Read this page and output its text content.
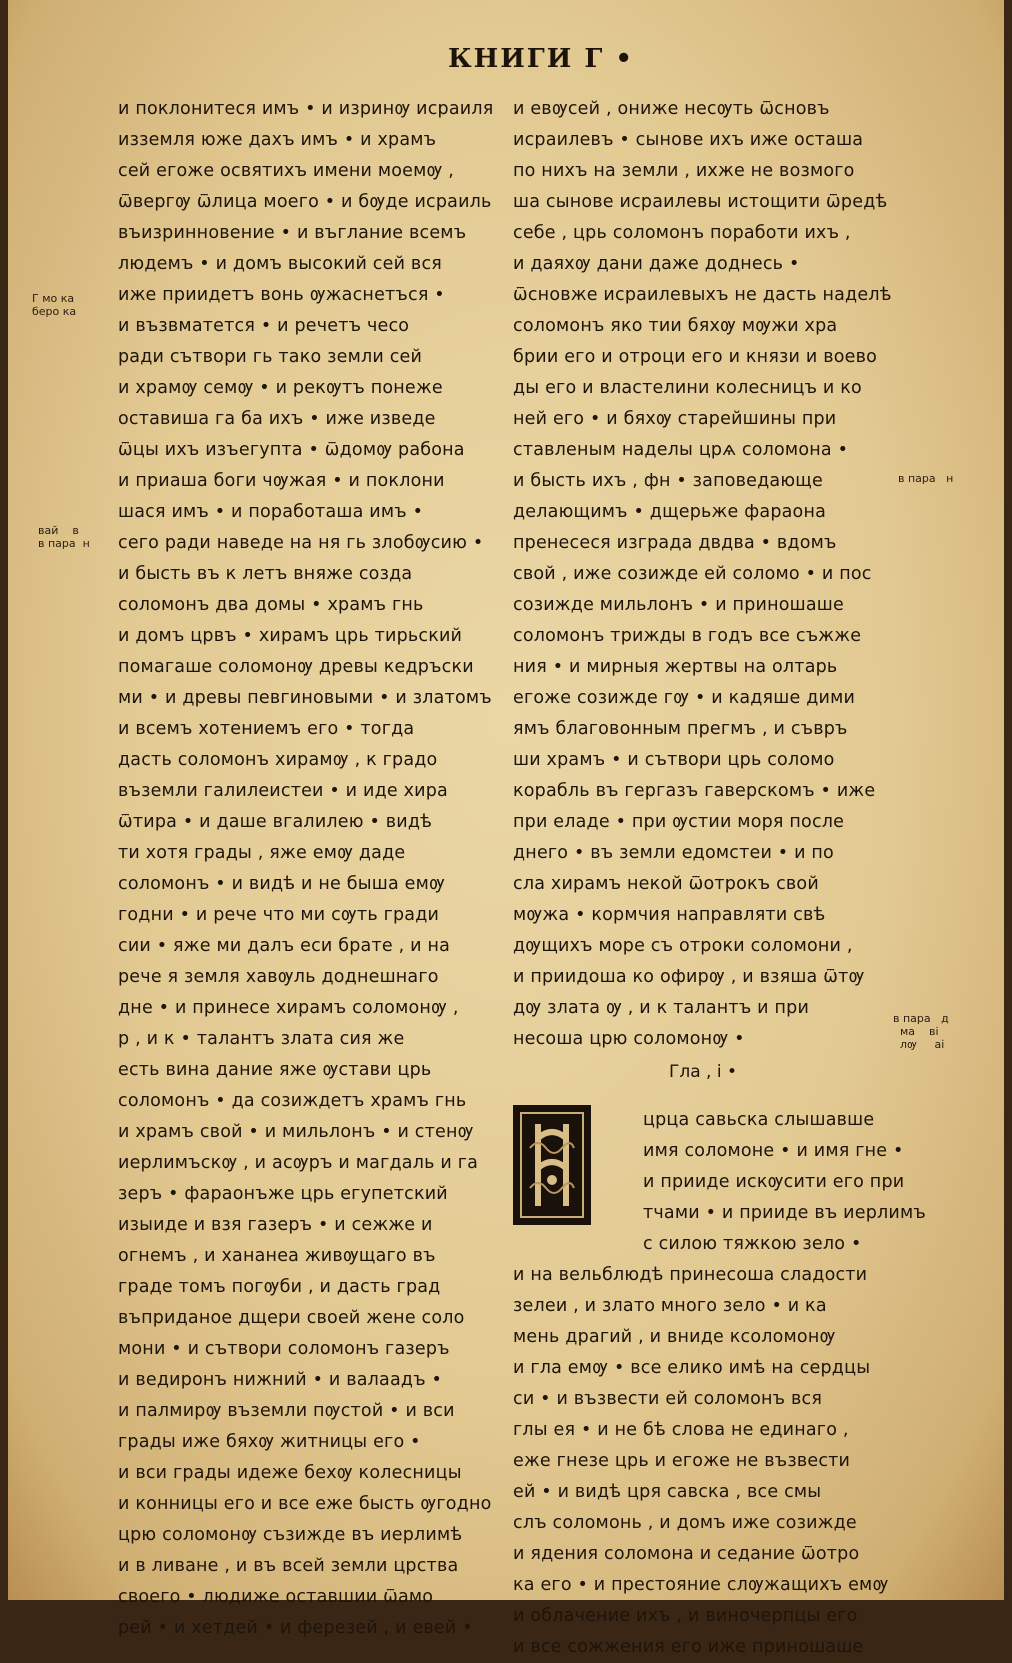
КНИГИ Г •
Г мо ка
беро ка
вай    в
в пара  н
в пара   н
в пара   д
ма    ві
лѹ     аі
и поклонитеся имъ • и изринѹ исраиля
изземля юже дахъ имъ • и храмъ
сей егоже освятихъ имени моемѹ ,
ѿвергѹ ѿлица моего • и бѹде исраиль
въизринновение • и въглание всемъ
людемъ • и домъ высокий сей вся
иже приидетъ вонь ѹжаснетъся •
и възвматется • и речетъ чесо
ради сътвори гь тако земли сей
и храмѹ семѹ • и рекѹтъ понеже
оставиша га ба ихъ • иже изведе
ѿцы ихъ изъегупта • ѿдомѹ рабона
и приаша боги чѹжая • и поклони
шася имъ • и поработаша имъ •
сего ради наведе на ня гь злобѹсию •
и бысть въ к летъ вняже созда
соломонъ два домы • храмъ гнь
и домъ црвъ • хирамъ црь тирьский
помагаше соломонѹ древы кедръски
ми • и древы певгиновыми • и златомъ
и всемъ хотениемъ его • тогда
дасть соломонъ хирамѹ , к градо
въземли галилеистеи • и иде хира
ѿтира • и даше вгалилею • видѣ
ти хотя грады , яже емѹ даде
соломонъ • и видѣ и не быша емѹ
годни • и рече что ми сѹть гради
сии • яже ми далъ еси брате , и на
рече я земля хавѹль доднешнаго
дне • и принесе хирамъ соломонѹ ,
р , и к • талантъ злата сия же
есть вина дание яже ѹстави црь
соломонъ • да созиждетъ храмъ гнь
и храмъ свой • и мильлонъ • и стенѹ
иерлимъскѹ , и асѹръ и магдаль и га
зеръ • фараонъже црь егупетский
изыиде и взя газеръ • и сежже и
огнемъ , и хананеа живѹщаго въ
граде томъ погѹби , и дасть град
въприданое дщери своей жене соло
мони • и сътвори соломонъ газеръ
и ведиронъ нижний • и валаадъ •
и палмирѹ въземли пѹстой • и вси
грады иже бяхѹ житницы его •
и вси грады идеже бехѹ колесницы
и конницы его и все еже бысть ѹгодно
црю соломонѹ съзижде въ иерлимѣ
и в ливане , и въ всей земли црства
своего • людиже оставшии ѿамо
рей • и хетдей • и ферезей , и евей •
и евѹсей , ониже несѹть ѿсновъ
исраилевъ • сынове ихъ иже осташа
по нихъ на земли , ихже не возмого
ша сынове исраилевы истощити ѿредѣ
себе , црь соломонъ поработи ихъ ,
и даяхѹ дани даже доднесь •
ѿсновже исраилевыхъ не дасть наделѣ
соломонъ яко тии бяхѹ мѹжи хра
брии его и отроци его и князи и воево
ды его и властелини колесницъ и ко
ней его • и бяхѹ старейшины при
ставленым наделы црѧ соломона •
и бысть ихъ , фн • заповедающе
делающимъ • дщерьже фараона
пренесеся изграда двдва • вдомъ
свой , иже созижде ей соломо • и пос
созижде мильлонъ • и приношаше
соломонъ трижды в годъ все съжже
ния • и мирныя жертвы на олтарь
егоже созижде гѹ • и кадяше дими
ямъ благовонным прегмъ , и съвръ
ши храмъ • и сътвори црь соломо
корабль въ гергазъ гаверскомъ • иже
при еладе • при ѹстии моря после
днего • въ земли едомстеи • и по
сла хирамъ некой ѿотрокъ свой
мѹжа • кормчия направляти свѣ
дѹщихъ море съ отроки соломони ,
и приидоша ко офирѹ , и взяша ѿтѹ
дѹ злата ѹ , и к талантъ и при
несоша црю соломонѹ •
Гла , і •
црца савьска слышавше
имя соломоне • и имя гне •
и прииде искѹсити его при
тчами • и прииде въ иерлимъ
с силою тяжкою зело •
и на вельблюдѣ принесоша сладости
зелеи , и злато много зело • и ка
мень драгий , и вниде ксоломонѹ
и гла емѹ • все елико имѣ на сердцы
си • и възвести ей соломонъ вся
глы ея • и не бѣ слова не единаго ,
еже гнезе црь и егоже не възвести
ей • и видѣ цря савска , все смы
слъ соломонь , и домъ иже созижде
и ядения соломона и седание ѿотро
ка его • и престояние слѹжащихъ емѹ
и облачение ихъ , и виночерпцы его
и все сожжения его иже приношаше
